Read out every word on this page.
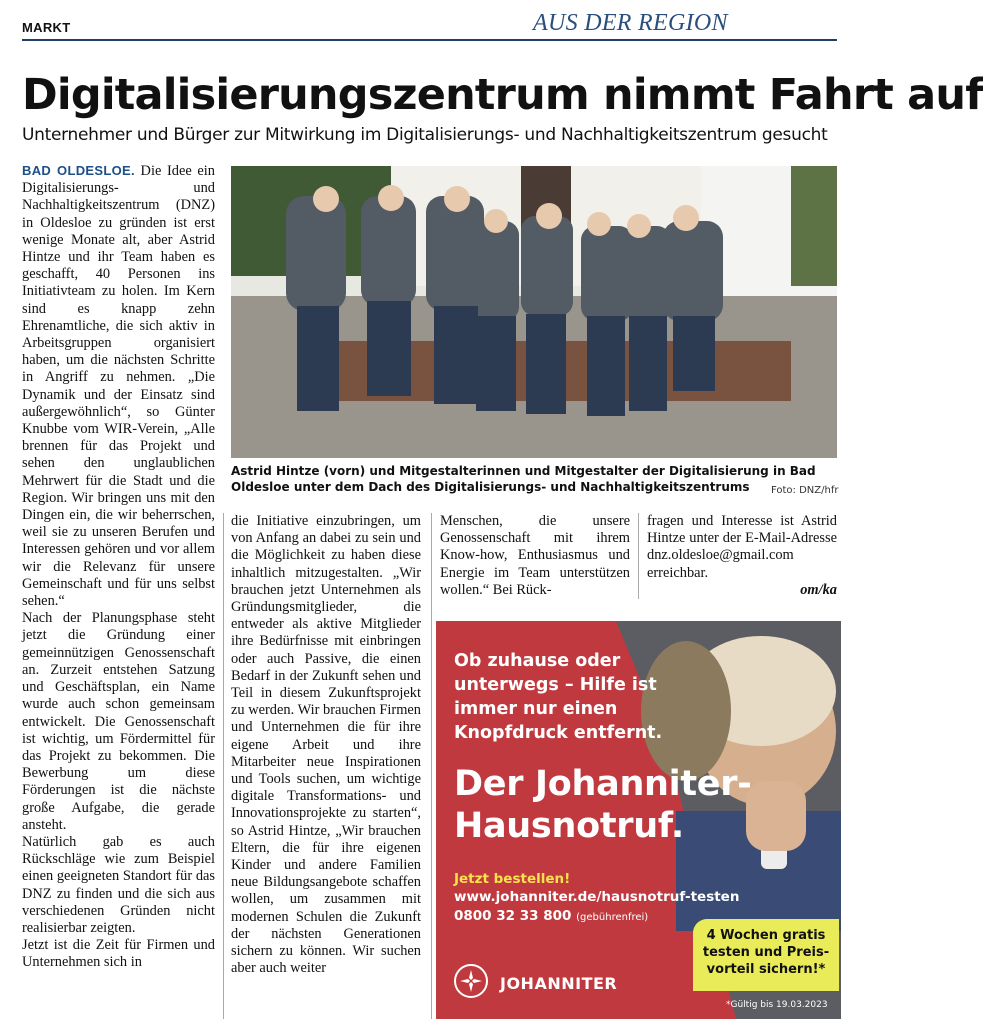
MARKT	AUS DER REGION
Digitalisierungszentrum nimmt Fahrt auf
Unternehmer und Bürger zur Mitwirkung im Digitalisierungs- und Nachhaltigkeitszentrum gesucht

BAD OLDESLOE. Die Idee ein Digitalisierungs- und Nachhaltigkeitszentrum (DNZ) in Oldesloe zu gründen ist erst wenige Monate alt, aber Astrid Hintze und ihr Team haben es geschafft, 40 Personen ins Initiativteam zu holen. Im Kern sind es knapp zehn Ehrenamtliche, die sich aktiv in Arbeitsgruppen organisiert haben, um die nächsten Schritte in Angriff zu nehmen. „Die Dynamik und der Einsatz sind außergewöhnlich“, so Günter Knubbe vom WIR-Verein, „Alle brennen für das Projekt und sehen den unglaublichen Mehrwert für die Stadt und die Region. Wir bringen uns mit den Dingen ein, die wir beherrschen, weil sie zu unseren Berufen und Interessen gehören und vor allem wir die Relevanz für unsere Gemeinschaft und für uns selbst sehen.“

Nach der Planungsphase steht jetzt die Gründung einer gemeinnützigen Genossenschaft an. Zurzeit entstehen Satzung und Geschäftsplan, ein Name wurde auch schon gemeinsam entwickelt. Die Genossenschaft ist wichtig, um Fördermittel für das Projekt zu bekommen. Die Bewerbung um diese Förderungen ist die nächste große Aufgabe, die gerade ansteht.

Natürlich gab es auch Rückschläge wie zum Beispiel einen geeigneten Standort für das DNZ zu finden und die sich aus verschiedenen Gründen nicht realisierbar zeigten.

Jetzt ist die Zeit für Firmen und Unternehmen sich in

Astrid Hintze (vorn) und Mitgestalterinnen und Mitgestalter der Digitalisierung in Bad Oldesloe unter dem Dach des Digitalisierungs- und Nachhaltigkeitszentrums	Foto: DNZ/hfr

die Initiative einzubringen, um von Anfang an dabei zu sein und die Möglichkeit zu haben diese inhaltlich mitzugestalten. „Wir brauchen jetzt Unternehmen als Gründungsmitglieder, die entweder als aktive Mitglieder ihre Bedürfnisse mit einbringen oder auch Passive, die einen Bedarf in der Zukunft sehen und Teil in diesem Zukunftsprojekt zu werden. Wir brauchen Firmen und Unternehmen die für ihre eigene Arbeit und ihre Mitarbeiter neue Inspirationen und Tools suchen, um wichtige digitale Transformations- und Innovationsprojekte zu starten“, so Astrid Hintze, „Wir brauchen Eltern, die für ihre eigenen Kinder und andere Familien neue Bildungsangebote schaffen wollen, um zusammen mit modernen Schulen die Zukunft der nächsten Generationen sichern zu können. Wir suchen aber auch weiter

Menschen, die unsere Genossenschaft mit ihrem Know-how, Enthusiasmus und Energie im Team unterstützen wollen.“ Bei Rück-

fragen und Interesse ist Astrid Hintze unter der E-Mail-Adresse dnz.oldesloe@gmail.com erreichbar.

om/ka

Ob zuhause oder unterwegs – Hilfe ist immer nur einen Knopfdruck entfernt.
Der Johanniter-
Hausnotruf.
Jetzt bestellen!
www.johanniter.de/hausnotruf-testen
0800 32 33 800 (gebührenfrei)
4 Wochen gratis
testen und Preis-
vorteil sichern!*
JOHANNITER
*Gültig bis 19.03.2023
